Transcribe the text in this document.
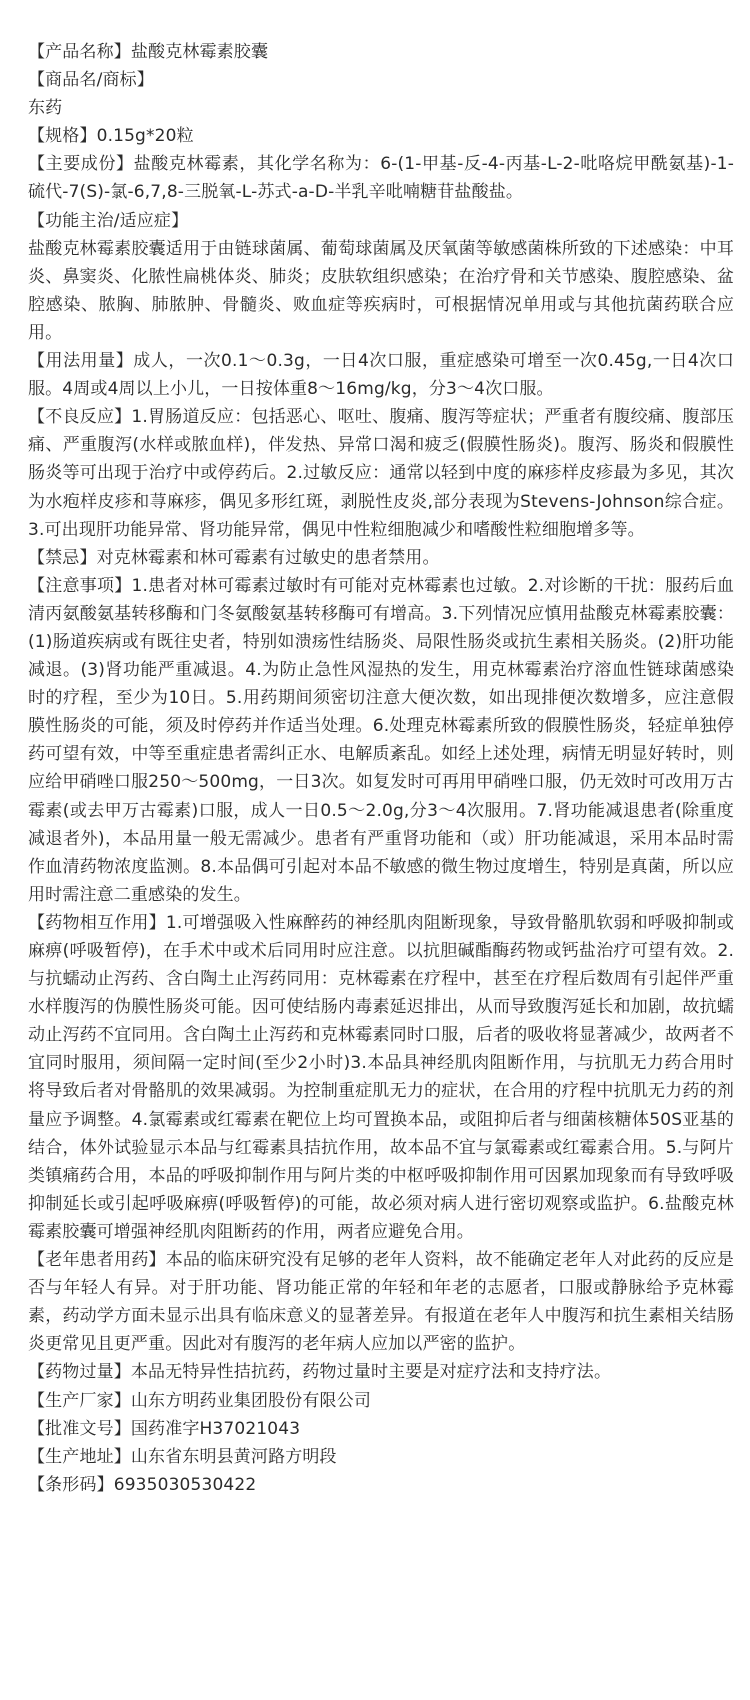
【产品名称】盐酸克林霉素胶囊

【商品名/商标】

东药

【规格】0.15g*20粒

【主要成份】盐酸克林霉素，其化学名称为：6-(1-甲基-反-4-丙基-L-2-吡咯烷甲酰氨基)-1-硫代-7(S)-氯-6,7,8-三脱氧-L-苏式-a-D-半乳辛吡喃糖苷盐酸盐。

【功能主治/适应症】

盐酸克林霉素胶囊适用于由链球菌属、葡萄球菌属及厌氧菌等敏感菌株所致的下述感染：中耳炎、鼻窦炎、化脓性扁桃体炎、肺炎；皮肤软组织感染；在治疗骨和关节感染、腹腔感染、盆腔感染、脓胸、肺脓肿、骨髓炎、败血症等疾病时，可根据情况单用或与其他抗菌药联合应用。

【用法用量】成人，一次0.1～0.3g，一日4次口服，重症感染可增至一次0.45g,一日4次口服。4周或4周以上小儿，一日按体重8～16mg/kg，分3～4次口服。

【不良反应】1.胃肠道反应：包括恶心、呕吐、腹痛、腹泻等症状；严重者有腹绞痛、腹部压痛、严重腹泻(水样或脓血样)，伴发热、异常口渴和疲乏(假膜性肠炎)。腹泻、肠炎和假膜性肠炎等可出现于治疗中或停药后。2.过敏反应：通常以轻到中度的麻疹样皮疹最为多见，其次为水疱样皮疹和荨麻疹，偶见多形红斑，剥脱性皮炎,部分表现为Stevens-Johnson综合症。3.可出现肝功能异常、肾功能异常，偶见中性粒细胞减少和嗜酸性粒细胞增多等。

【禁忌】对克林霉素和林可霉素有过敏史的患者禁用。

【注意事项】1.患者对林可霉素过敏时有可能对克林霉素也过敏。2.对诊断的干扰：服药后血清丙氨酸氨基转移酶和门冬氨酸氨基转移酶可有增高。3.下列情况应慎用盐酸克林霉素胶囊：(1)肠道疾病或有既往史者，特别如溃疡性结肠炎、局限性肠炎或抗生素相关肠炎。(2)肝功能减退。(3)肾功能严重减退。4.为防止急性风湿热的发生，用克林霉素治疗溶血性链球菌感染时的疗程，至少为10日。5.用药期间须密切注意大便次数，如出现排便次数增多，应注意假膜性肠炎的可能，须及时停药并作适当处理。6.处理克林霉素所致的假膜性肠炎，轻症单独停药可望有效，中等至重症患者需纠正水、电解质紊乱。如经上述处理，病情无明显好转时，则应给甲硝唑口服250～500mg，一日3次。如复发时可再用甲硝唑口服，仍无效时可改用万古霉素(或去甲万古霉素)口服，成人一日0.5～2.0g,分3～4次服用。7.肾功能减退患者(除重度减退者外)，本品用量一般无需减少。患者有严重肾功能和（或）肝功能减退，采用本品时需作血清药物浓度监测。8.本品偶可引起对本品不敏感的微生物过度增生，特别是真菌，所以应用时需注意二重感染的发生。

【药物相互作用】1.可增强吸入性麻醉药的神经肌肉阻断现象，导致骨骼肌软弱和呼吸抑制或麻痹(呼吸暂停)，在手术中或术后同用时应注意。以抗胆碱酯酶药物或钙盐治疗可望有效。2.与抗蠕动止泻药、含白陶土止泻药同用：克林霉素在疗程中，甚至在疗程后数周有引起伴严重水样腹泻的伪膜性肠炎可能。因可使结肠内毒素延迟排出，从而导致腹泻延长和加剧，故抗蠕动止泻药不宜同用。含白陶土止泻药和克林霉素同时口服，后者的吸收将显著减少，故两者不宜同时服用，须间隔一定时间(至少2小时)3.本品具神经肌肉阻断作用，与抗肌无力药合用时将导致后者对骨骼肌的效果减弱。为控制重症肌无力的症状，在合用的疗程中抗肌无力药的剂量应予调整。4.氯霉素或红霉素在靶位上均可置换本品，或阻抑后者与细菌核糖体50S亚基的结合，体外试验显示本品与红霉素具拮抗作用，故本品不宜与氯霉素或红霉素合用。5.与阿片类镇痛药合用，本品的呼吸抑制作用与阿片类的中枢呼吸抑制作用可因累加现象而有导致呼吸抑制延长或引起呼吸麻痹(呼吸暂停)的可能，故必须对病人进行密切观察或监护。6.盐酸克林霉素胶囊可增强神经肌肉阻断药的作用，两者应避免合用。

【老年患者用药】本品的临床研究没有足够的老年人资料，故不能确定老年人对此药的反应是否与年轻人有异。对于肝功能、肾功能正常的年轻和年老的志愿者，口服或静脉给予克林霉素，药动学方面未显示出具有临床意义的显著差异。有报道在老年人中腹泻和抗生素相关结肠炎更常见且更严重。因此对有腹泻的老年病人应加以严密的监护。

【药物过量】本品无特异性拮抗药，药物过量时主要是对症疗法和支持疗法。

【生产厂家】山东方明药业集团股份有限公司

【批准文号】国药准字H37021043

【生产地址】山东省东明县黄河路方明段

【条形码】6935030530422
